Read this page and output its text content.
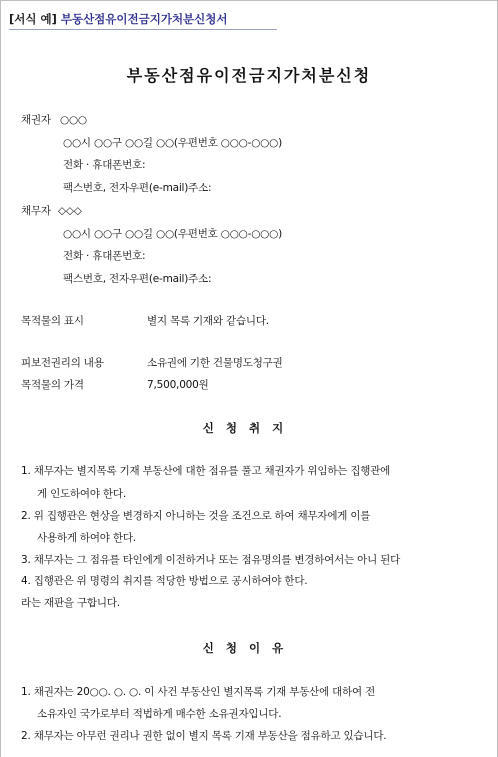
[서식 예] 부동산점유이전금지가처분신청서
부동산점유이전금지가처분신청
채권자 ○○○
○○시 ○○구 ○○길 ○○(우편번호 ○○○-○○○)
전화 · 휴대폰번호:
팩스번호, 전자우편(e-mail)주소:
채무자 ◇◇◇
○○시 ○○구 ○○길 ○○(우편번호 ○○○-○○○)
전화 · 휴대폰번호:
팩스번호, 전자우편(e-mail)주소:
목적물의 표시	별지 목록 기재와 같습니다.
피보전권리의 내용	소유권에 기한 건물명도청구권
목적물의 가격	7,500,000원
신청취지
1. 채무자는 별지목록 기재 부동산에 대한 점유를 풀고 채권자가 위임하는 집행관에
게 인도하여야 한다.
2. 위 집행관은 현상을 변경하지 아니하는 것을 조건으로 하여 채무자에게 이를
사용하게 하여야 한다.
3. 채무자는 그 점유를 타인에게 이전하거나 또는 점유명의를 변경하여서는 아니 된다
4. 집행관은 위 명령의 취지를 적당한 방법으로 공시하여야 한다.
라는 재판을 구합니다.
신청이유
1. 채권자는 20○○. ○. ○. 이 사건 부동산인 별지목록 기재 부동산에 대하여 전
소유자인 국가로부터 적법하게 매수한 소유권자입니다.
2. 채무자는 아무런 권리나 권한 없이 별지 목록 기재 부동산을 점유하고 있습니다.
